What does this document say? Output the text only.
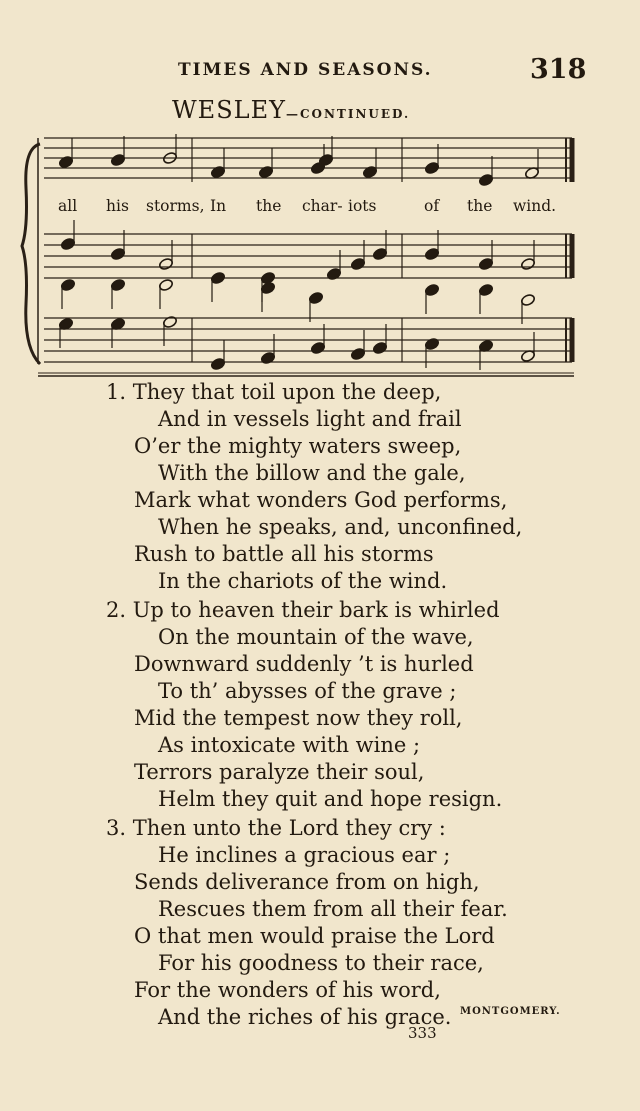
TIMES AND SEASONS.	318
WESLEY—CONTINUED.
all his storms, In the char- iots	of the wind.
1. They that toil upon the deep,
And in vessels light and frail
O’er the mighty waters sweep,
With the billow and the gale,
Mark what wonders God performs,
When he speaks, and, unconfined,
Rush to battle all his storms
In the chariots of the wind.
2. Up to heaven their bark is whirled
On the mountain of the wave,
Downward suddenly ’t is hurled
To th’ abysses of the grave ;
Mid the tempest now they roll,
As intoxicate with wine ;
Terrors paralyze their soul,
Helm they quit and hope resign.
3. Then unto the Lord they cry :
He inclines a gracious ear ;
Sends deliverance from on high,
Rescues them from all their fear.
O that men would praise the Lord
For his goodness to their race,
For the wonders of his word,
And the riches of his grace. MONTGOMERY.
333
